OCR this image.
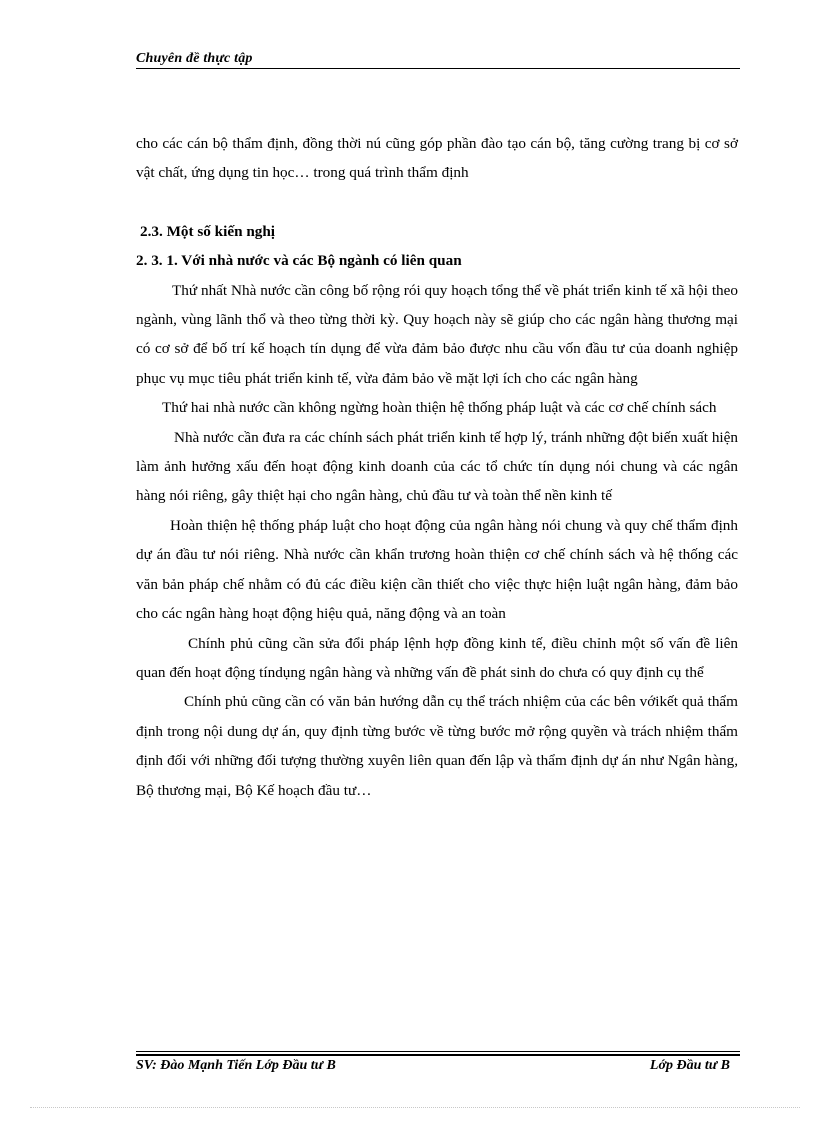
Chuyên đề thực tập

cho các cán bộ thẩm định, đồng thời nú cũng góp phần đào tạo cán bộ, tăng cường trang bị cơ sở vật chất, ứng dụng tin học… trong quá trình thẩm định

2.3. Một số kiến nghị

2. 3. 1. Với nhà nước và các Bộ ngành có liên quan

Thứ nhất Nhà nước cần công bố rộng rói quy hoạch tổng thể về phát triển kinh tế xã hội theo ngành, vùng lãnh thổ và theo từng thời kỳ. Quy hoạch này sẽ giúp cho các ngân hàng thương mại có cơ sở để bố trí kế hoạch tín dụng để vừa đảm bảo được nhu cầu vốn đầu tư của doanh nghiệp phục vụ mục tiêu phát triển kinh tế, vừa đảm bảo về mặt lợi ích cho các ngân hàng

Thứ hai nhà nước cần không ngừng hoàn thiện hệ thống pháp luật và các cơ chế chính sách

Nhà nước cần đưa ra các chính sách phát triển kinh tế hợp lý, tránh những đột biến xuất hiện làm ảnh hưởng xấu đến hoạt động kinh doanh của các tổ chức tín dụng nói chung và các ngân hàng nói riêng, gây thiệt hại cho ngân hàng, chủ đầu tư và toàn thể nền kinh tế

Hoàn thiện hệ thống pháp luật cho hoạt động của ngân hàng nói chung và quy chế thẩm định dự án đầu tư nói riêng. Nhà nước cần khẩn trương hoàn thiện cơ chế chính sách và hệ thống các văn bản pháp chế nhằm có đủ các điều kiện cần thiết cho việc thực hiện luật ngân hàng, đảm bảo cho các ngân hàng hoạt động hiệu quả, năng động và an toàn

Chính phủ cũng cần sửa đổi pháp lệnh hợp đồng kinh tế, điều chỉnh một số vấn đề liên quan đến hoạt động tíndụng ngân hàng và những vấn đề phát sinh do chưa có quy định cụ thể

Chính phủ cũng cần có văn bản hướng dẫn cụ thể trách nhiệm của các bên vớikết quả thẩm định trong nội dung dự án, quy định từng bước về từng bước mở rộng quyền và trách nhiệm thẩm định đối với những đối tượng thường xuyên liên quan đến lập và thẩm định dự án như Ngân hàng, Bộ thương mại, Bộ Kế hoạch đầu tư…

SV: Đào Mạnh Tiến Lớp Đầu tư B	Lớp Đầu tư B
